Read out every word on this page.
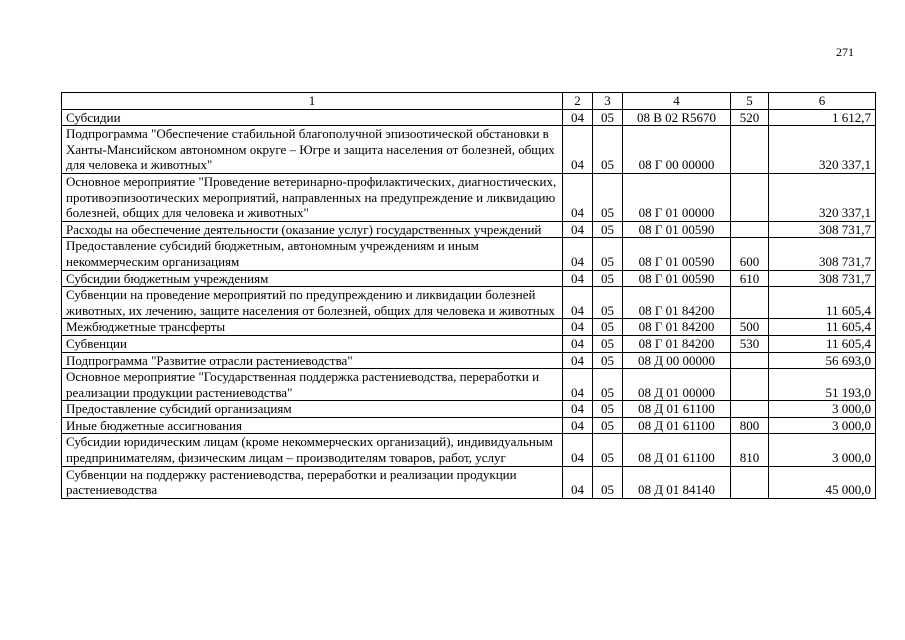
271
1	2	3	4	5	6
Субсидии	04	05	08 В 02 R5670	520	1 612,7
Подпрограмма "Обеспечение стабильной благополучной эпизоотической обстановки в Ханты-Мансийском автономном округе – Югре и защита населения от болезней, общих для человека и животных"	04	05	08 Г 00 00000		320 337,1
Основное мероприятие "Проведение ветеринарно-профилактических, диагностических, противоэпизоотических мероприятий, направленных на предупреждение и ликвидацию болезней, общих для человека и животных"	04	05	08 Г 01 00000		320 337,1
Расходы на обеспечение деятельности (оказание услуг) государственных учреждений	04	05	08 Г 01 00590		308 731,7
Предоставление субсидий бюджетным, автономным учреждениям и иным некоммерческим организациям	04	05	08 Г 01 00590	600	308 731,7
Субсидии бюджетным учреждениям	04	05	08 Г 01 00590	610	308 731,7
Субвенции на проведение мероприятий по предупреждению и ликвидации болезней животных, их лечению, защите населения от болезней, общих для человека и животных	04	05	08 Г 01 84200		11 605,4
Межбюджетные трансферты	04	05	08 Г 01 84200	500	11 605,4
Субвенции	04	05	08 Г 01 84200	530	11 605,4
Подпрограмма "Развитие отрасли растениеводства"	04	05	08 Д 00 00000		56 693,0
Основное мероприятие "Государственная поддержка растениеводства, переработки и реализации продукции растениеводства"	04	05	08 Д 01 00000		51 193,0
Предоставление субсидий организациям	04	05	08 Д 01 61100		3 000,0
Иные бюджетные ассигнования	04	05	08 Д 01 61100	800	3 000,0
Субсидии юридическим лицам (кроме некоммерческих организаций), индивидуальным предпринимателям, физическим лицам – производителям товаров, работ, услуг	04	05	08 Д 01 61100	810	3 000,0
Субвенции на поддержку растениеводства, переработки и реализации продукции растениеводства	04	05	08 Д 01 84140		45 000,0
